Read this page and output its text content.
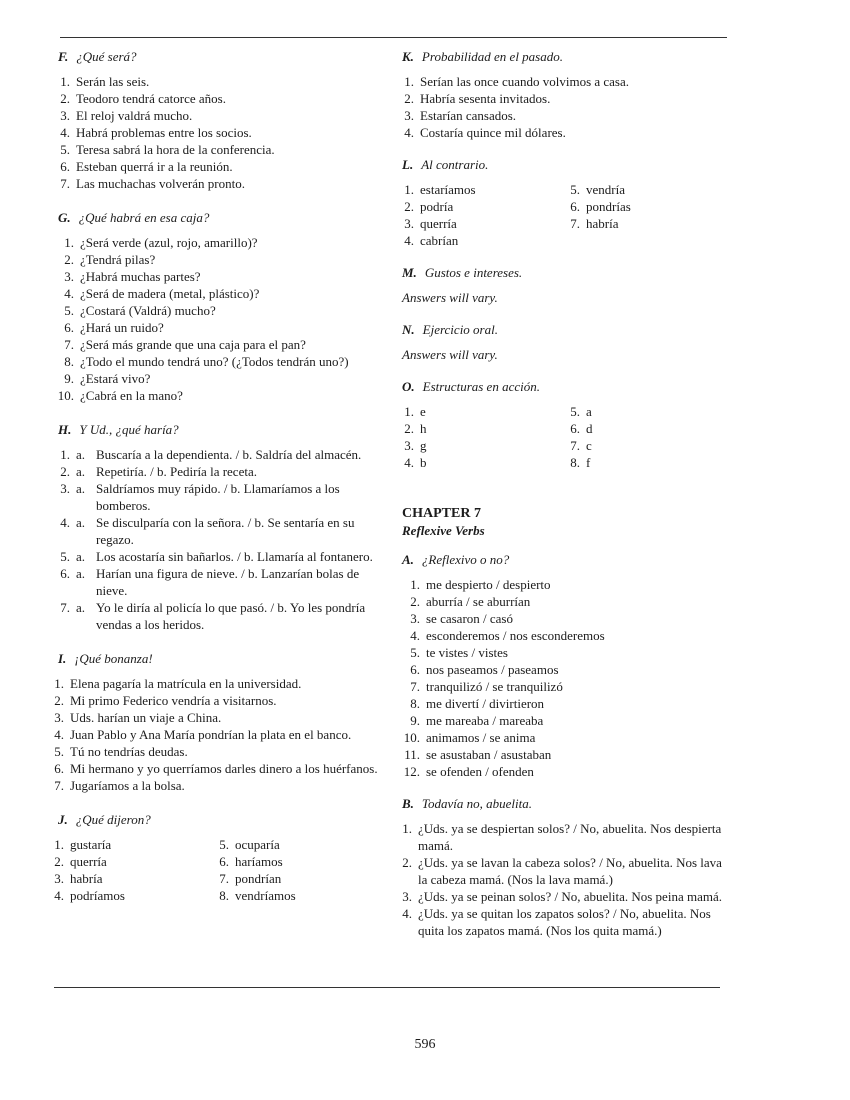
F. ¿Qué será?
1. Serán las seis.
2. Teodoro tendrá catorce años.
3. El reloj valdrá mucho.
4. Habrá problemas entre los socios.
5. Teresa sabrá la hora de la conferencia.
6. Esteban querrá ir a la reunión.
7. Las muchachas volverán pronto.
G. ¿Qué habrá en esa caja?
1. ¿Será verde (azul, rojo, amarillo)?
2. ¿Tendrá pilas?
3. ¿Habrá muchas partes?
4. ¿Será de madera (metal, plástico)?
5. ¿Costará (Valdrá) mucho?
6. ¿Hará un ruido?
7. ¿Será más grande que una caja para el pan?
8. ¿Todo el mundo tendrá uno? (¿Todos tendrán uno?)
9. ¿Estará vivo?
10. ¿Cabrá en la mano?
H. Y Ud., ¿qué haría?
1. a. Buscaría a la dependienta. / b. Saldría del almacén.
2. a. Repetiría. / b. Pediría la receta.
3. a. Saldríamos muy rápido. / b. Llamaríamos a los bomberos.
4. a. Se disculparía con la señora. / b. Se sentaría en su regazo.
5. a. Los acostaría sin bañarlos. / b. Llamaría al fontanero.
6. a. Harían una figura de nieve. / b. Lanzarían bolas de nieve.
7. a. Yo le diría al policía lo que pasó. / b. Yo les pondría vendas a los heridos.
I. ¡Qué bonanza!
1. Elena pagaría la matrícula en la universidad.
2. Mi primo Federico vendría a visitarnos.
3. Uds. harían un viaje a China.
4. Juan Pablo y Ana María pondrían la plata en el banco.
5. Tú no tendrías deudas.
6. Mi hermano y yo querríamos darles dinero a los huérfanos.
7. Jugaríamos a la bolsa.
J. ¿Qué dijeron?
1. gustaría
2. querría
3. habría
4. podríamos
5. ocuparía
6. haríamos
7. pondrían
8. vendríamos
K. Probabilidad en el pasado.
1. Serían las once cuando volvimos a casa.
2. Habría sesenta invitados.
3. Estarían cansados.
4. Costaría quince mil dólares.
L. Al contrario.
1. estaríamos
2. podría
3. querría
4. cabrían
5. vendría
6. pondrías
7. habría
M. Gustos e intereses.
Answers will vary.
N. Ejercicio oral.
Answers will vary.
O. Estructuras en acción.
1. e
2. h
3. g
4. b
5. a
6. d
7. c
8. f
CHAPTER 7
Reflexive Verbs
A. ¿Reflexivo o no?
1. me despierto / despierto
2. aburría / se aburrían
3. se casaron / casó
4. esconderemos / nos esconderemos
5. te vistes / vistes
6. nos paseamos / paseamos
7. tranquilizó / se tranquilizó
8. me divertí / divirtieron
9. me mareaba / mareaba
10. animamos / se anima
11. se asustaban / asustaban
12. se ofenden / ofenden
B. Todavía no, abuelita.
1. ¿Uds. ya se despiertan solos? / No, abuelita. Nos despierta mamá.
2. ¿Uds. ya se lavan la cabeza solos? / No, abuelita. Nos lava la cabeza mamá. (Nos la lava mamá.)
3. ¿Uds. ya se peinan solos? / No, abuelita. Nos peina mamá.
4. ¿Uds. ya se quitan los zapatos solos? / No, abuelita. Nos quita los zapatos mamá. (Nos los quita mamá.)
596
